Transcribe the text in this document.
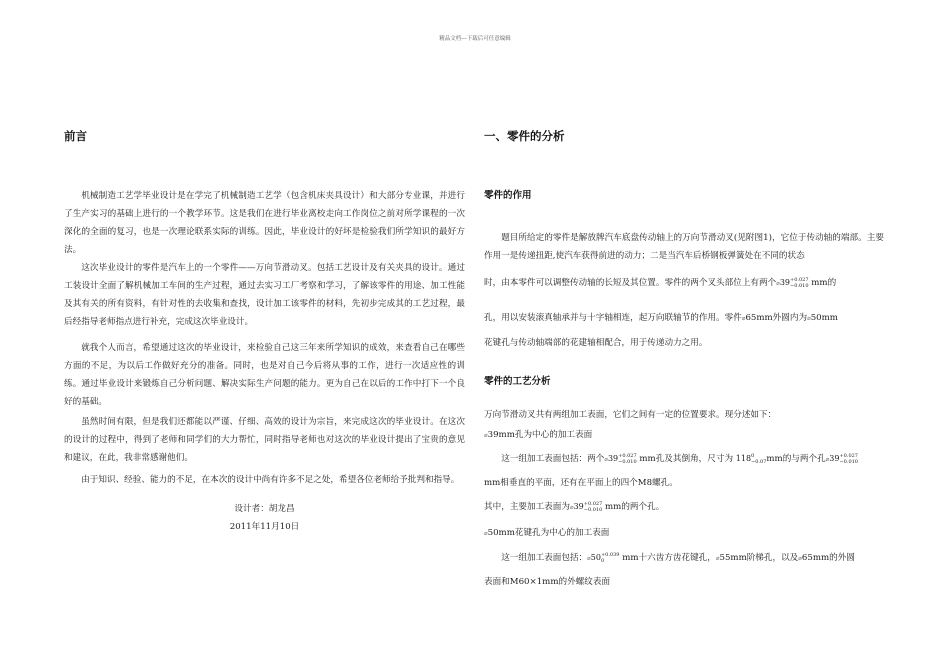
精品文档---下载后可任意编辑
前言

机械制造工艺学毕业设计是在学完了机械制造工艺学（包含机床夹具设计）和大部分专业课，并进行了生产实习的基础上进行的一个教学环节。这是我们在进行毕业离校走向工作岗位之前对所学课程的一次深化的全面的复习，也是一次理论联系实际的训练。因此，毕业设计的好坏是检验我们所学知识的最好方法。

这次毕业设计的零件是汽车上的一个零件——万向节滑动叉。包括工艺设计及有关夹具的设计。通过工装设计全面了解机械加工车间的生产过程，通过去实习工厂考察和学习，了解该零件的用途、加工性能及其有关的所有资料，有针对性的去收集和查找，设计加工该零件的材料，先初步完成其的工艺过程，最后经指导老师指点进行补充，完成这次毕业设计。

就我个人而言，希望通过这次的毕业设计，来检验自己这三年来所学知识的成效，来查看自己在哪些方面的不足，为以后工作做好充分的准备。同时，也是对自己今后将从事的工作，进行一次适应性的训练。通过毕业设计来锻炼自己分析问题、解决实际生产问题的能力。更为自己在以后的工作中打下一个良好的基础。

虽然时间有限，但是我们还都能以严谨、仔细、高效的设计为宗旨，来完成这次的毕业设计。在这次的设计的过程中，得到了老师和同学们的大力帮忙，同时指导老师也对这次的毕业设计提出了宝贵的意见和建议，在此，我非常感谢他们。

由于知识、经验、能力的不足，在本次的设计中尚有许多不足之处，希望各位老师给予批判和指导。

设计者：胡龙昌
2011年11月10日
一、零件的分析
零件的作用

题目所给定的零件是解放牌汽车底盘传动轴上的万向节滑动叉(见附图1)，它位于传动轴的端部。主要作用一是传递扭距,使汽车获得前进的动力；二是当汽车后桥钢板弹簧处在不同的状态

时，由本零件可以调整传动轴的长短及其位置。零件的两个叉头部位上有两个⌀39+0.027
−0.010 mm的
孔，用以安装滚真轴承并与十字轴相连，起万向联轴节的作用。零件⌀65mm外圆内为⌀50mm
花键孔与传动轴端部的花建轴相配合，用于传递动力之用。
零件的工艺分析
万向节滑动叉共有两组加工表面，它们之间有一定的位置要求。现分述如下：
⌀39mm孔为中心的加工表面
这一组加工表面包括：两个⌀39+0.027
−0.010 mm孔及其倒角，尺寸为 1180
−0.07mm的与两个孔⌀39+0.027
−0.010
mm相垂直的平面，还有在平面上的四个M8螺孔。
其中，主要加工表面为⌀39+0.027
−0.010 mm的两个孔。
⌀50mm花键孔为中心的加工表面
这一组加工表面包括：⌀50+0.039
0 mm十六齿方齿花键孔，⌀55mm阶梯孔，以及⌀65mm的外圆
表面和M60×1mm的外螺纹表面
